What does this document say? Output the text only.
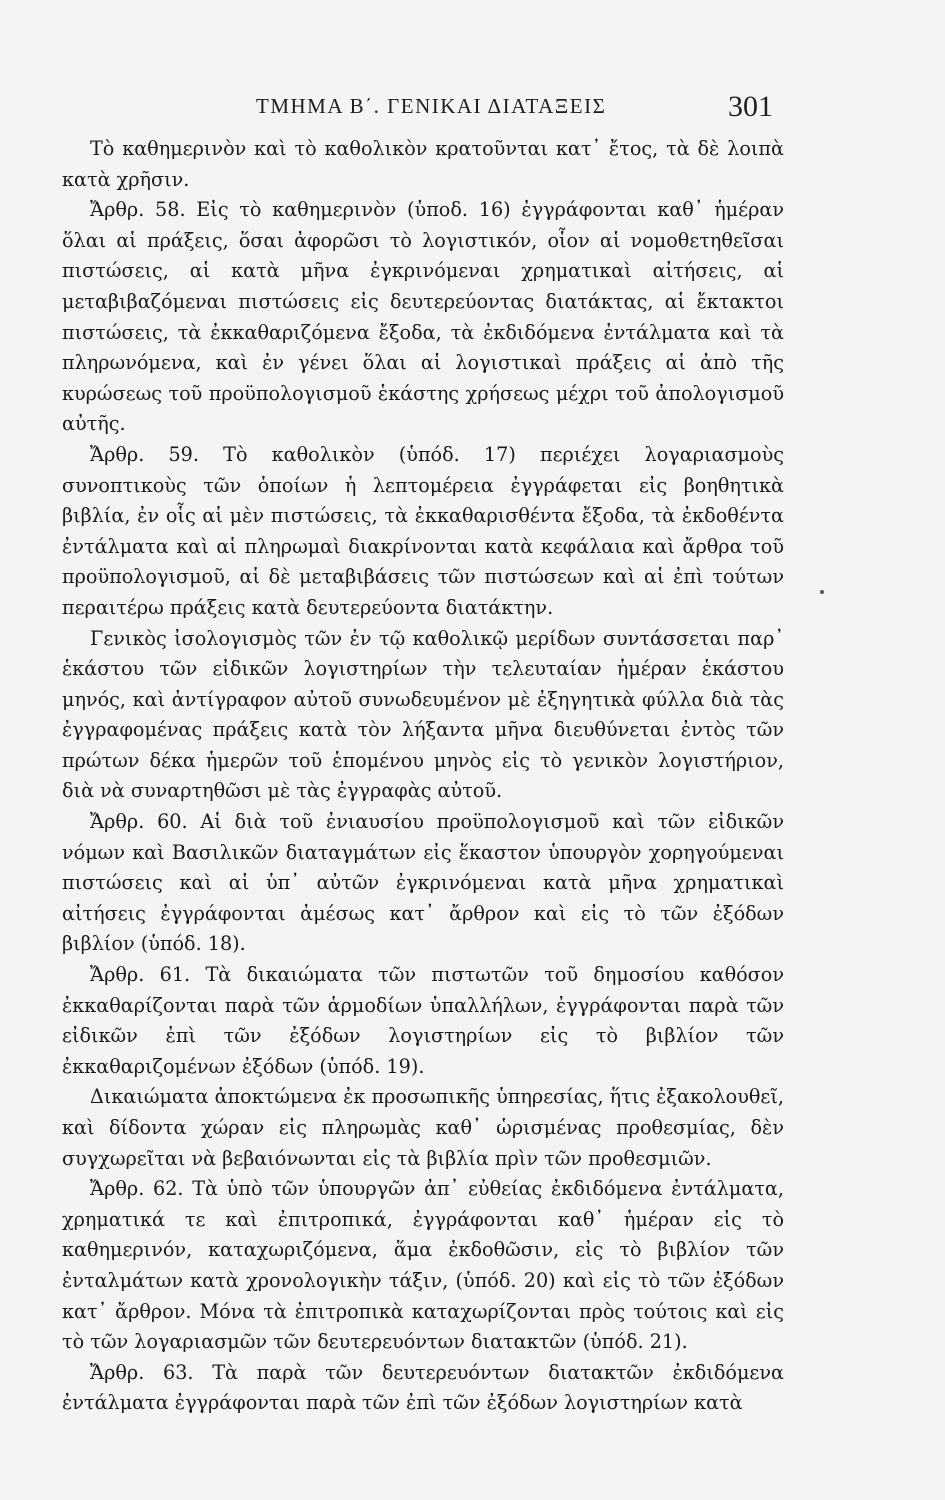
ΤΜΗΜΑ Β΄. ΓΕΝΙΚΑΙ ΔΙΑΤΑΞΕΙΣ	301

Τὸ καθημερινὸν καὶ τὸ καθολικὸν κρατοῦνται κατ᾽ ἔτος, τὰ δὲ λοιπὰ κατὰ χρῆσιν.

Ἄρθρ. 58. Εἰς τὸ καθημερινὸν (ὑποδ. 16) ἐγγράφονται καθ᾽ ἡμέραν ὅλαι αἱ πράξεις, ὅσαι ἀφορῶσι τὸ λογιστικόν, οἷον αἱ νομοθετηθεῖσαι πιστώσεις, αἱ κατὰ μῆνα ἐγκρινόμεναι χρηματικαὶ αἰτήσεις, αἱ μεταβιβαζόμεναι πιστώσεις εἰς δευτερεύοντας διατάκτας, αἱ ἔκτακτοι πιστώσεις, τὰ ἐκκαθαριζόμενα ἔξοδα, τὰ ἐκδιδόμενα ἐντάλματα καὶ τὰ πληρωνόμενα, καὶ ἐν γένει ὅλαι αἱ λογιστικαὶ πράξεις αἱ ἀπὸ τῆς κυρώσεως τοῦ προϋπολογισμοῦ ἑκάστης χρήσεως μέχρι τοῦ ἀπολογισμοῦ αὐτῆς.

Ἄρθρ. 59. Τὸ καθολικὸν (ὑπόδ. 17) περιέχει λογαριασμοὺς συνοπτικοὺς τῶν ὁποίων ἡ λεπτομέρεια ἐγγράφεται εἰς βοηθητικὰ βιβλία, ἐν οἷς αἱ μὲν πιστώσεις, τὰ ἐκκαθαρισθέντα ἔξοδα, τὰ ἐκδοθέντα ἐντάλματα καὶ αἱ πληρωμαὶ διακρίνονται κατὰ κεφάλαια καὶ ἄρθρα τοῦ προϋπολογισμοῦ, αἱ δὲ μεταβιβάσεις τῶν πιστώσεων καὶ αἱ ἐπὶ τούτων περαιτέρω πράξεις κατὰ δευτερεύοντα διατάκτην.

Γενικὸς ἰσολογισμὸς τῶν ἐν τῷ καθολικῷ μερίδων συντάσσεται παρ᾽ ἑκάστου τῶν εἰδικῶν λογιστηρίων τὴν τελευταίαν ἡμέραν ἑκάστου μηνός, καὶ ἀντίγραφον αὐτοῦ συνωδευμένον μὲ ἐξηγητικὰ φύλλα διὰ τὰς ἐγγραφομένας πράξεις κατὰ τὸν λήξαντα μῆνα διευθύνεται ἐντὸς τῶν πρώτων δέκα ἡμερῶν τοῦ ἑπομένου μηνὸς εἰς τὸ γενικὸν λογιστήριον, διὰ νὰ συναρτηθῶσι μὲ τὰς ἐγγραφὰς αὐτοῦ.

Ἄρθρ. 60. Αἱ διὰ τοῦ ἐνιαυσίου προϋπολογισμοῦ καὶ τῶν εἰδικῶν νόμων καὶ Βασιλικῶν διαταγμάτων εἰς ἕκαστον ὑπουργὸν χορηγούμεναι πιστώσεις καὶ αἱ ὑπ᾽ αὐτῶν ἐγκρινόμεναι κατὰ μῆνα χρηματικαὶ αἰτήσεις ἐγγράφονται ἀμέσως κατ᾽ ἄρθρον καὶ εἰς τὸ τῶν ἐξόδων βιβλίον (ὑπόδ. 18).

Ἄρθρ. 61. Τὰ δικαιώματα τῶν πιστωτῶν τοῦ δημοσίου καθόσον ἐκκαθαρίζονται παρὰ τῶν ἁρμοδίων ὑπαλλήλων, ἐγγράφονται παρὰ τῶν εἰδικῶν ἐπὶ τῶν ἐξόδων λογιστηρίων εἰς τὸ βιβλίον τῶν ἐκκαθαριζομένων ἐξόδων (ὑπόδ. 19).

Δικαιώματα ἀποκτώμενα ἐκ προσωπικῆς ὑπηρεσίας, ἥτις ἐξακολουθεῖ, καὶ δίδοντα χώραν εἰς πληρωμὰς καθ᾽ ὡρισμένας προθεσμίας, δὲν συγχωρεῖται νὰ βεβαιόνωνται εἰς τὰ βιβλία πρὶν τῶν προθεσμιῶν.

Ἄρθρ. 62. Τὰ ὑπὸ τῶν ὑπουργῶν ἀπ᾽ εὐθείας ἐκδιδόμενα ἐντάλματα, χρηματικά τε καὶ ἐπιτροπικά, ἐγγράφονται καθ᾽ ἡμέραν εἰς τὸ καθημερινόν, καταχωριζόμενα, ἅμα ἐκδοθῶσιν, εἰς τὸ βιβλίον τῶν ἐνταλμάτων κατὰ χρονολογικὴν τάξιν, (ὑπόδ. 20) καὶ εἰς τὸ τῶν ἐξόδων κατ᾽ ἄρθρον. Μόνα τὰ ἐπιτροπικὰ καταχωρίζονται πρὸς τούτοις καὶ εἰς τὸ τῶν λογαριασμῶν τῶν δευτερευόντων διατακτῶν (ὑπόδ. 21).

Ἄρθρ. 63. Τὰ παρὰ τῶν δευτερευόντων διατακτῶν ἐκδιδόμενα ἐντάλματα ἐγγράφονται παρὰ τῶν ἐπὶ τῶν ἐξόδων λογιστηρίων κατὰ
